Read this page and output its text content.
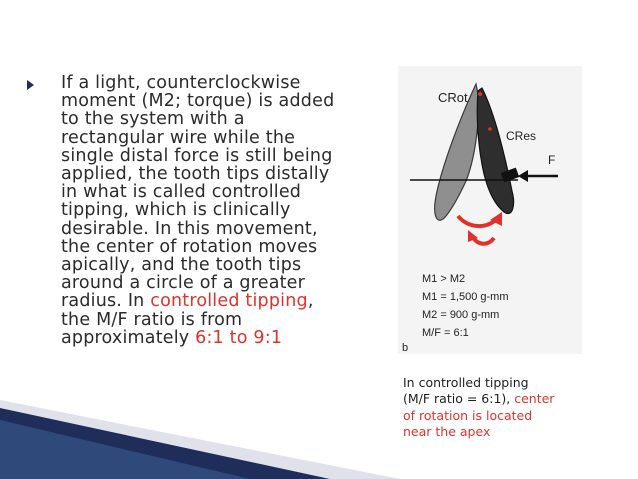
If a light, counterclockwise

moment (M2; torque) is added

to the system with a

rectangular wire while the

single distal force is still being

applied, the tooth tips distally

in what is called controlled

tipping, which is clinically

desirable. In this movement,

the center of rotation moves

apically, and the tooth tips

around a circle of a greater

radius. In controlled tipping,

the M/F ratio is from

approximately 6:1 to 9:1

CRot
CRes
F
M1 > M2
M1 = 1,500 g-mm
M2 = 900 g-mm
M/F = 6:1
b

In controlled tipping

(M/F ratio = 6:1), center

of rotation is located

near the apex
